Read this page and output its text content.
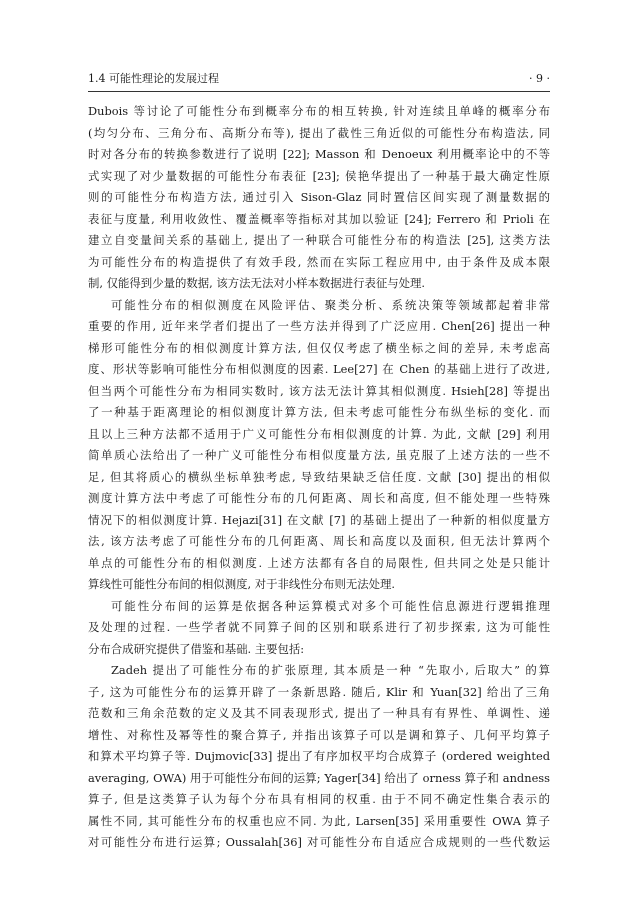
1.4 可能性理论的发展过程	· 9 ·
Dubois 等讨论了可能性分布到概率分布的相互转换, 针对连续且单峰的概率分布
(均匀分布、三角分布、高斯分布等), 提出了截性三角近似的可能性分布构造法, 同
时对各分布的转换参数进行了说明 [22]; Masson 和 Denoeux 利用概率论中的不等
式实现了对少量数据的可能性分布表征 [23]; 侯艳华提出了一种基于最大确定性原
则的可能性分布构造方法, 通过引入 Sison-Glaz 同时置信区间实现了测量数据的
表征与度量, 利用收敛性、覆盖概率等指标对其加以验证 [24]; Ferrero 和 Prioli 在
建立自变量间关系的基础上, 提出了一种联合可能性分布的构造法 [25], 这类方法
为可能性分布的构造提供了有效手段, 然而在实际工程应用中, 由于条件及成本限
制, 仅能得到少量的数据, 该方法无法对小样本数据进行表征与处理.
可能性分布的相似测度在风险评估、聚类分析、系统决策等领域都起着非常
重要的作用, 近年来学者们提出了一些方法并得到了广泛应用. Chen[26] 提出一种
梯形可能性分布的相似测度计算方法, 但仅仅考虑了横坐标之间的差异, 未考虑高
度、形状等影响可能性分布相似测度的因素. Lee[27] 在 Chen 的基础上进行了改进,
但当两个可能性分布为相同实数时, 该方法无法计算其相似测度. Hsieh[28] 等提出
了一种基于距离理论的相似测度计算方法, 但未考虑可能性分布纵坐标的变化. 而
且以上三种方法都不适用于广义可能性分布相似测度的计算. 为此, 文献 [29] 利用
简单质心法给出了一种广义可能性分布相似度量方法, 虽克服了上述方法的一些不
足, 但其将质心的横纵坐标单独考虑, 导致结果缺乏信任度. 文献 [30] 提出的相似
测度计算方法中考虑了可能性分布的几何距离、周长和高度, 但不能处理一些特殊
情况下的相似测度计算. Hejazi[31] 在文献 [7] 的基础上提出了一种新的相似度量方
法, 该方法考虑了可能性分布的几何距离、周长和高度以及面积, 但无法计算两个
单点的可能性分布的相似测度. 上述方法都有各自的局限性, 但共同之处是只能计
算线性可能性分布间的相似测度, 对于非线性分布则无法处理.
可能性分布间的运算是依据各种运算模式对多个可能性信息源进行逻辑推理
及处理的过程. 一些学者就不同算子间的区别和联系进行了初步探索, 这为可能性
分布合成研究提供了借鉴和基础. 主要包括:
Zadeh 提出了可能性分布的扩张原理, 其本质是一种 “先取小, 后取大” 的算
子, 这为可能性分布的运算开辟了一条新思路. 随后, Klir 和 Yuan[32] 给出了三角
范数和三角余范数的定义及其不同表现形式, 提出了一种具有有界性、单调性、递
增性、对称性及幂等性的聚合算子, 并指出该算子可以是调和算子、几何平均算子
和算术平均算子等. Dujmovic[33] 提出了有序加权平均合成算子 (ordered weighted
averaging, OWA) 用于可能性分布间的运算; Yager[34] 给出了 orness 算子和 andness
算子, 但是这类算子认为每个分布具有相同的权重. 由于不同不确定性集合表示的
属性不同, 其可能性分布的权重也应不同. 为此, Larsen[35] 采用重要性 OWA 算子
对可能性分布进行运算; Oussalah[36] 对可能性分布自适应合成规则的一些代数运
